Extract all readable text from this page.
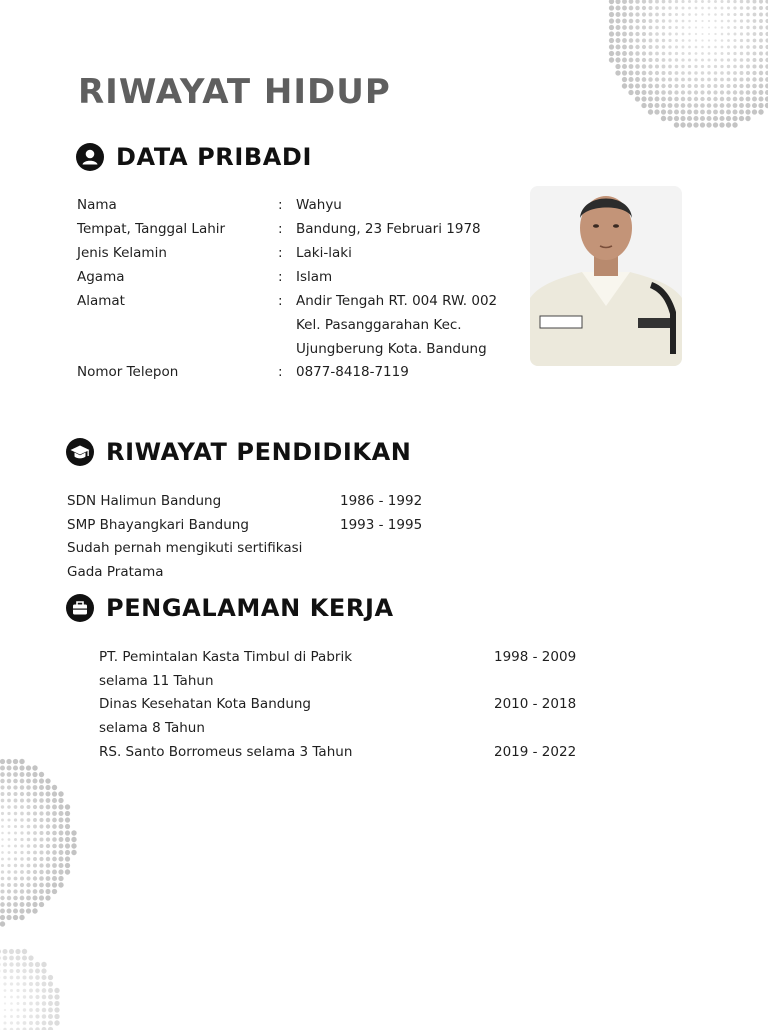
RIWAYAT HIDUP
DATA PRIBADI
Nama	: Wahyu
Tempat, Tanggal Lahir	: Bandung, 23 Februari 1978
Jenis Kelamin	: Laki-laki
Agama	: Islam
Alamat	: Andir Tengah RT. 004 RW. 002
Kel. Pasanggarahan Kec.
Ujungberung Kota. Bandung
Nomor Telepon	: 0877-8418-7119
RIWAYAT PENDIDIKAN
SDN Halimun Bandung	1986 - 1992
SMP Bhayangkari Bandung	1993 - 1995
Sudah pernah mengikuti sertifikasi
Gada Pratama
PENGALAMAN KERJA
PT. Pemintalan Kasta Timbul di Pabrik
selama 11 Tahun
1998 - 2009
Dinas Kesehatan Kota Bandung
selama 8 Tahun
2010 - 2018
RS. Santo Borromeus selama 3 Tahun	2019 - 2022
